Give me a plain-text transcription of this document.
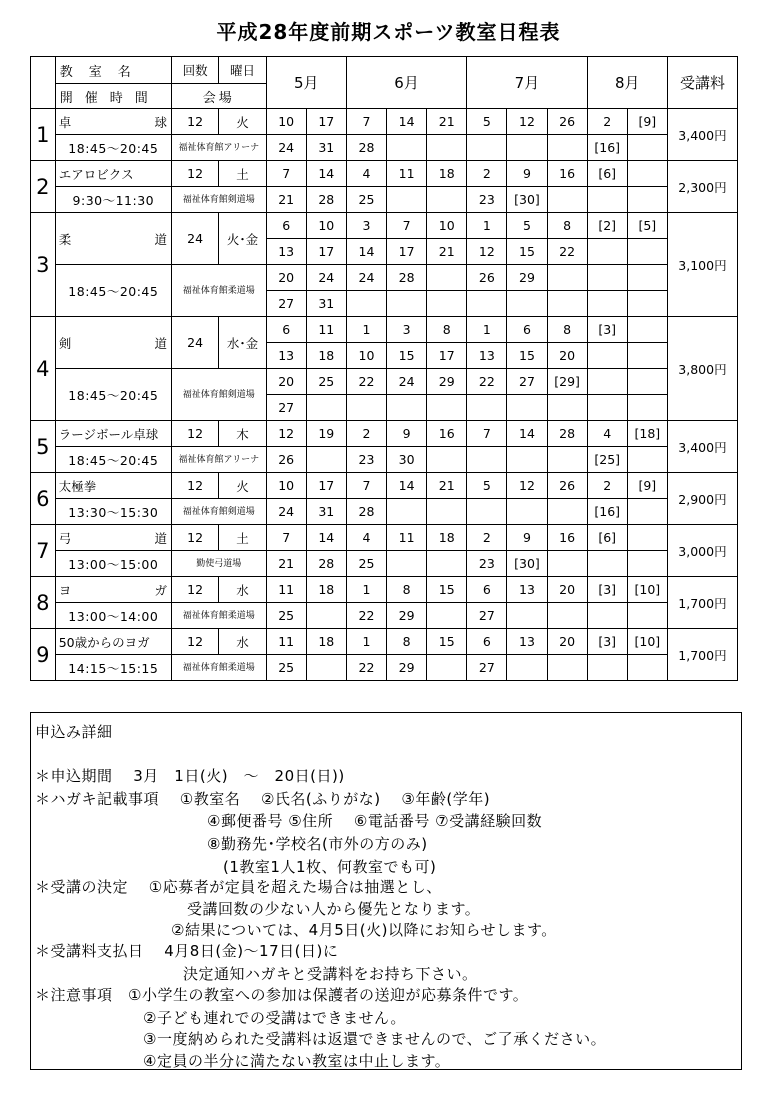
平成28年度前期スポーツ教室日程表
	教室名	回数	曜日	5月		6月			7月			8月		受講料
	開催時間	会場												
1	卓 球	12	火	10	17	7	14	21	5	12	26	2	[9]	3,400円
	18:45～20:45	福祉体育館アリーナ		24	31	28						[16]		
2	エアロビクス	12	土	7	14	4	11	18	2	9	16	[6]		2,300円
	9:30～11:30	福祉体育館剣道場		21	28	25			23	[30]				
3	柔 道	24	火･金	6	10	3	7	10	1	5	8	[2]	[5]	3,100円
				13	17	14	17	21	12	15	22			
	18:45～20:45	福祉体育館柔道場		20	24	24	28		26	29				
				27	31									
4	剣 道	24	水･金	6	11	1	3	8	1	6	8	[3]		3,800円
				13	18	10	15	17	13	15	20			
	18:45～20:45	福祉体育館剣道場		20	25	22	24	29	22	27	[29]			
				27										
5	ラージボール卓球	12	木	12	19	2	9	16	7	14	28	4	[18]	3,400円
	18:45～20:45	福祉体育館アリーナ		26		23	30					[25]		
6	太極拳	12	火	10	17	7	14	21	5	12	26	2	[9]	2,900円
	13:30～15:30	福祉体育館剣道場		24	31	28						[16]		
7	弓 道	12	土	7	14	4	11	18	2	9	16	[6]		3,000円
	13:00～15:00	勤使弓道場		21	28	25			23	[30]				
8	ヨ ガ	12	水	11	18	1	8	15	6	13	20	[3]	[10]	1,700円
	13:00～14:00	福祉体育館柔道場		25		22	29		27					
9	50歳からのヨガ	12	水	11	18	1	8	15	6	13	20	[3]	[10]	1,700円
	14:15～15:15	福祉体育館柔道場		25		22	29		27					
申込み詳細
＊申込期間　 3月　1日(火)　～　20日(日))
＊ハガキ記載事項　 ①教室名　 ②氏名(ふりがな)　 ③年齢(学年)
④郵便番号 ⑤住所　 ⑥電話番号 ⑦受講経験回数
⑧勤務先･学校名(市外の方のみ)
(1教室1人1枚、何教室でも可)
＊受講の決定　 ①応募者が定員を超えた場合は抽選とし、
受講回数の少ない人から優先となります。
②結果については、4月5日(火)以降にお知らせします。
＊受講料支払日　 4月8日(金)～17日(日)に
決定通知ハガキと受講料をお持ち下さい。
＊注意事項　①小学生の教室への参加は保護者の送迎が応募条件です。
②子ども連れでの受講はできません。
③一度納められた受講料は返還できませんので、ご了承ください。
④定員の半分に満たない教室は中止します。
